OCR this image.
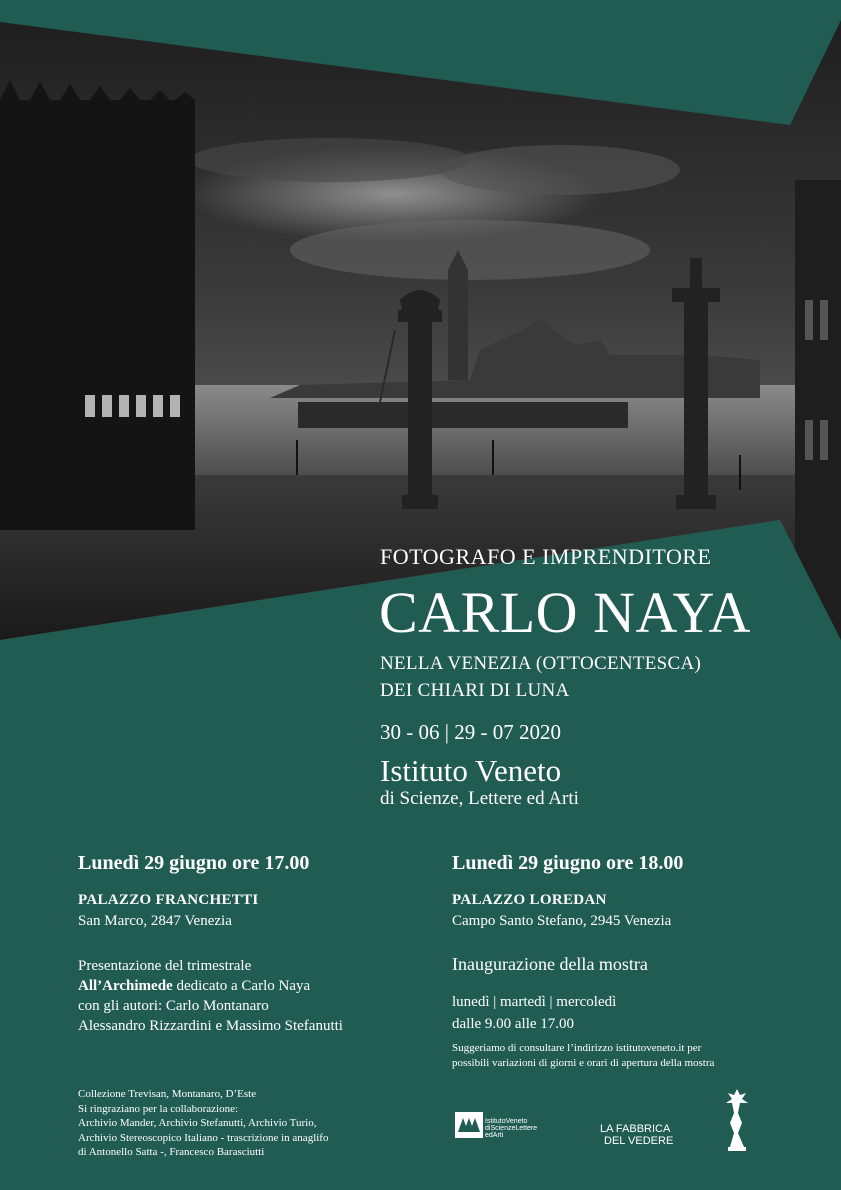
FOTOGRAFO E IMPRENDITORE
CARLO NAYA
NELLA VENEZIA (OTTOCENTESCA)
DEI CHIARI DI LUNA
30 - 06 | 29 - 07 2020
Istituto Veneto
di Scienze, Lettere ed Arti
Lunedì 29 giugno ore 17.00
PALAZZO FRANCHETTI
San Marco, 2847 Venezia
Presentazione del trimestrale
All’Archimede dedicato a Carlo Naya
con gli autori: Carlo Montanaro
Alessandro Rizzardini e Massimo Stefanutti
Lunedì 29 giugno ore 18.00
PALAZZO LOREDAN
Campo Santo Stefano, 2945 Venezia
Inaugurazione della mostra
lunedì | martedì | mercoledì
dalle 9.00 alle 17.00
Suggeriamo di consultare l’indirizzo istitutoveneto.it per
possibili variazioni di giorni e orari di apertura della mostra
Collezione Trevisan, Montanaro, D’Este
Si ringraziano per la collaborazione:
Archivio Mander, Archivio Stefanutti, Archivio Turio,
Archivio Stereoscopico Italiano - trascrizione in anaglifo
di Antonello Satta -, Francesco Barasciutti
IstitutoVeneto
diScienzeLettere
edArti
LA FABBRICA
DEL VEDERE
